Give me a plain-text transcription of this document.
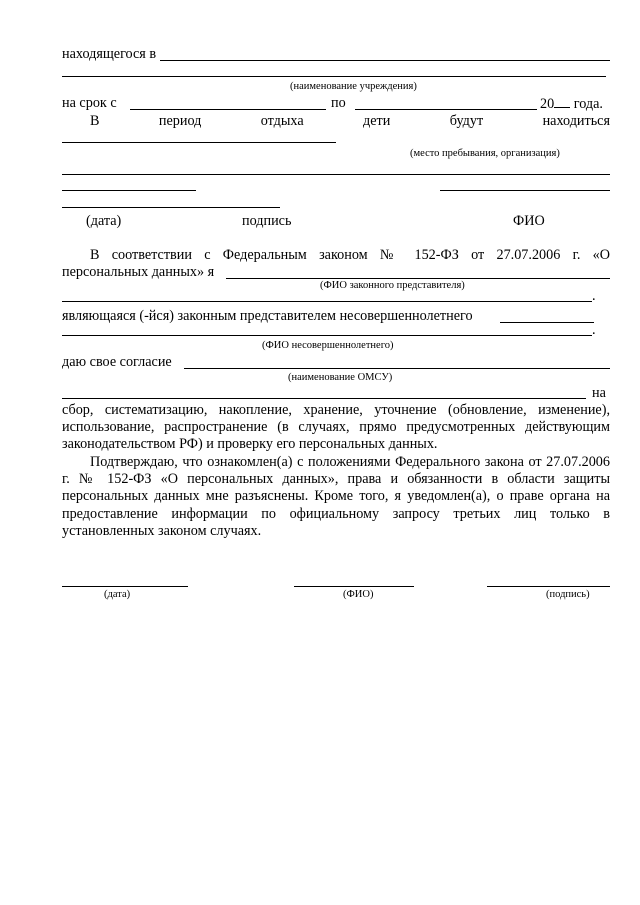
находящегося в
(наименование учреждения)
на срок с	по	20 года.
В	период	отдыха	дети	будут	находиться
(место пребывания, организация)
(дата)	подпись	ФИО
В соответствии с Федеральным законом № 152-ФЗ от 27.07.2006 г. «О
персональных данных» я
(ФИО законного представителя)
.
являющаяся (-йся) законным представителем несовершеннолетнего
.
(ФИО несовершеннолетнего)
даю свое согласие
(наименование ОМСУ)
на
сбор, систематизацию, накопление, хранение, уточнение (обновление, изменение), использование, распространение (в случаях, прямо предусмотренных действующим законодательством РФ) и проверку его персональных данных.
Подтверждаю, что ознакомлен(а) с положениями Федерального закона от 27.07.2006 г. № 152-ФЗ «О персональных данных», права и обязанности в области защиты персональных данных мне разъяснены. Кроме того, я уведомлен(а), о праве органа на предоставление информации по официальному запросу третьих лиц только в установленных законом случаях.
(дата)	(ФИО)	(подпись)
